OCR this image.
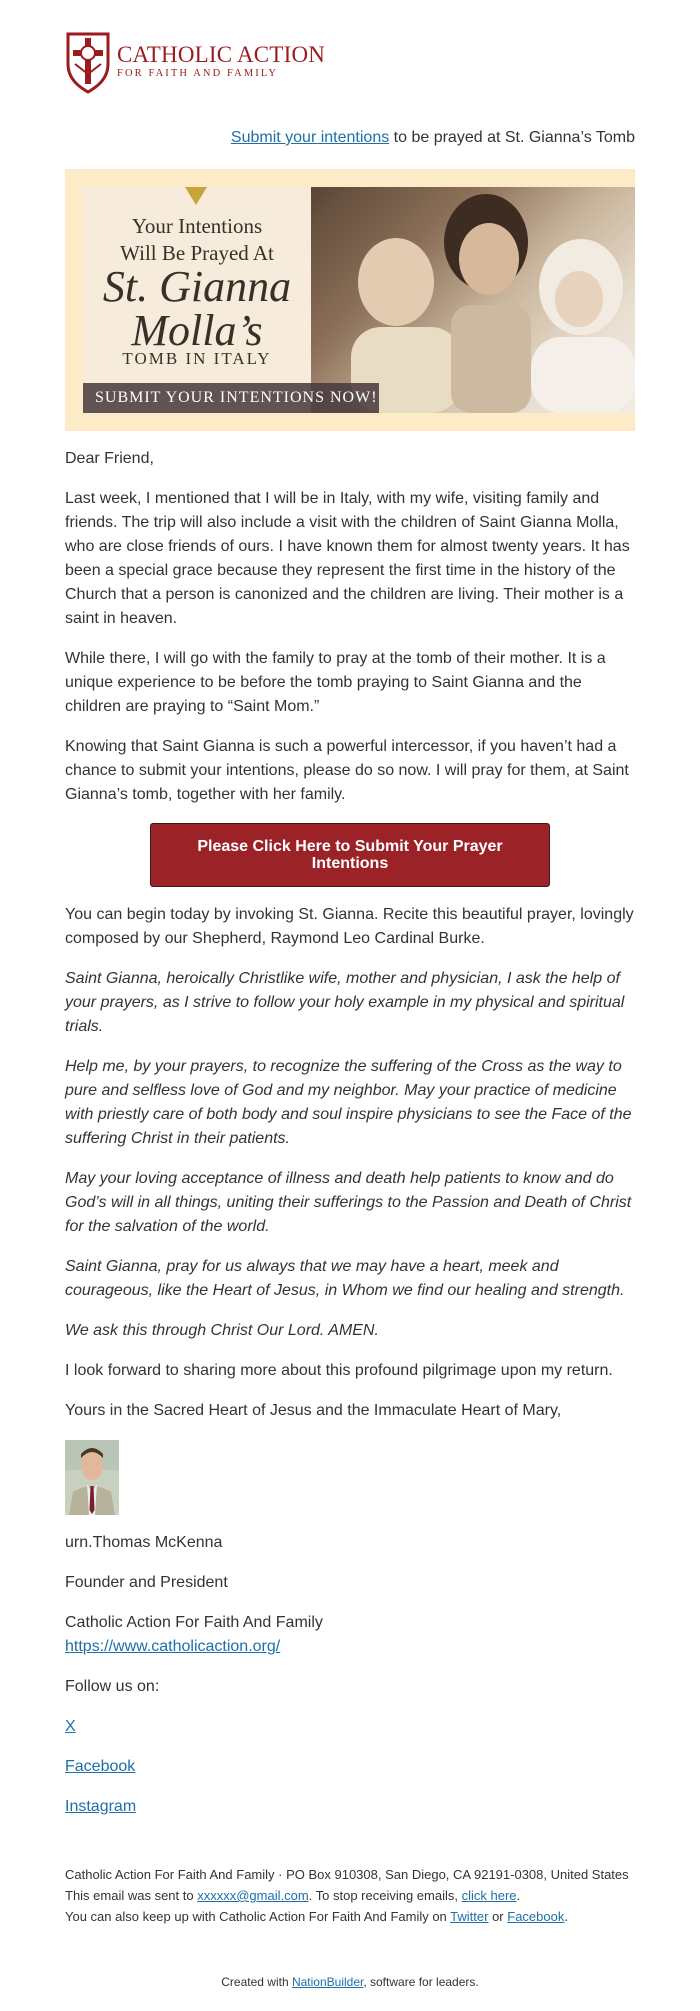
CATHOLIC ACTION
FOR FAITH AND FAMILY
Submit your intentions to be prayed at St. Gianna’s Tomb
Your Intentions
Will Be Prayed At
St. Gianna
Molla’s
TOMB IN ITALY
SUBMIT YOUR INTENTIONS NOW!

Dear Friend,

Last week, I mentioned that I will be in Italy, with my wife, visiting family and friends. The trip will also include a visit with the children of Saint Gianna Molla, who are close friends of ours. I have known them for almost twenty years. It has been a special grace because they represent the first time in the history of the Church that a person is canonized and the children are living. Their mother is a saint in heaven.

While there, I will go with the family to pray at the tomb of their mother. It is a unique experience to be before the tomb praying to Saint Gianna and the children are praying to “Saint Mom.”

Knowing that Saint Gianna is such a powerful intercessor, if you haven’t had a chance to submit your intentions, please do so now. I will pray for them, at Saint Gianna’s tomb, together with her family.

Please Click Here to Submit Your Prayer Intentions

You can begin today by invoking St. Gianna. Recite this beautiful prayer, lovingly composed by our Shepherd, Raymond Leo Cardinal Burke.

Saint Gianna, heroically Christlike wife, mother and physician, I ask the help of your prayers, as I strive to follow your holy example in my physical and spiritual trials.

Help me, by your prayers, to recognize the suffering of the Cross as the way to pure and selfless love of God and my neighbor. May your practice of medicine with priestly care of both body and soul inspire physicians to see the Face of the suffering Christ in their patients.

May your loving acceptance of illness and death help patients to know and do God’s will in all things, uniting their sufferings to the Passion and Death of Christ for the salvation of the world.

Saint Gianna, pray for us always that we may have a heart, meek and courageous, like the Heart of Jesus, in Whom we find our healing and strength.

We ask this through Christ Our Lord. AMEN.

I look forward to sharing more about this profound pilgrimage upon my return.

Yours in the Sacred Heart of Jesus and the Immaculate Heart of Mary,

urn.Thomas McKenna

Founder and President

Catholic Action For Faith And Family

https://www.catholicaction.org/

Follow us on:

X

Facebook

Instagram

Catholic Action For Faith And Family · PO Box 910308, San Diego, CA 92191-0308, United States
This email was sent to xxxxxx@gmail.com. To stop receiving emails, click here.
You can also keep up with Catholic Action For Faith And Family on Twitter or Facebook.
Created with NationBuilder, software for leaders.
